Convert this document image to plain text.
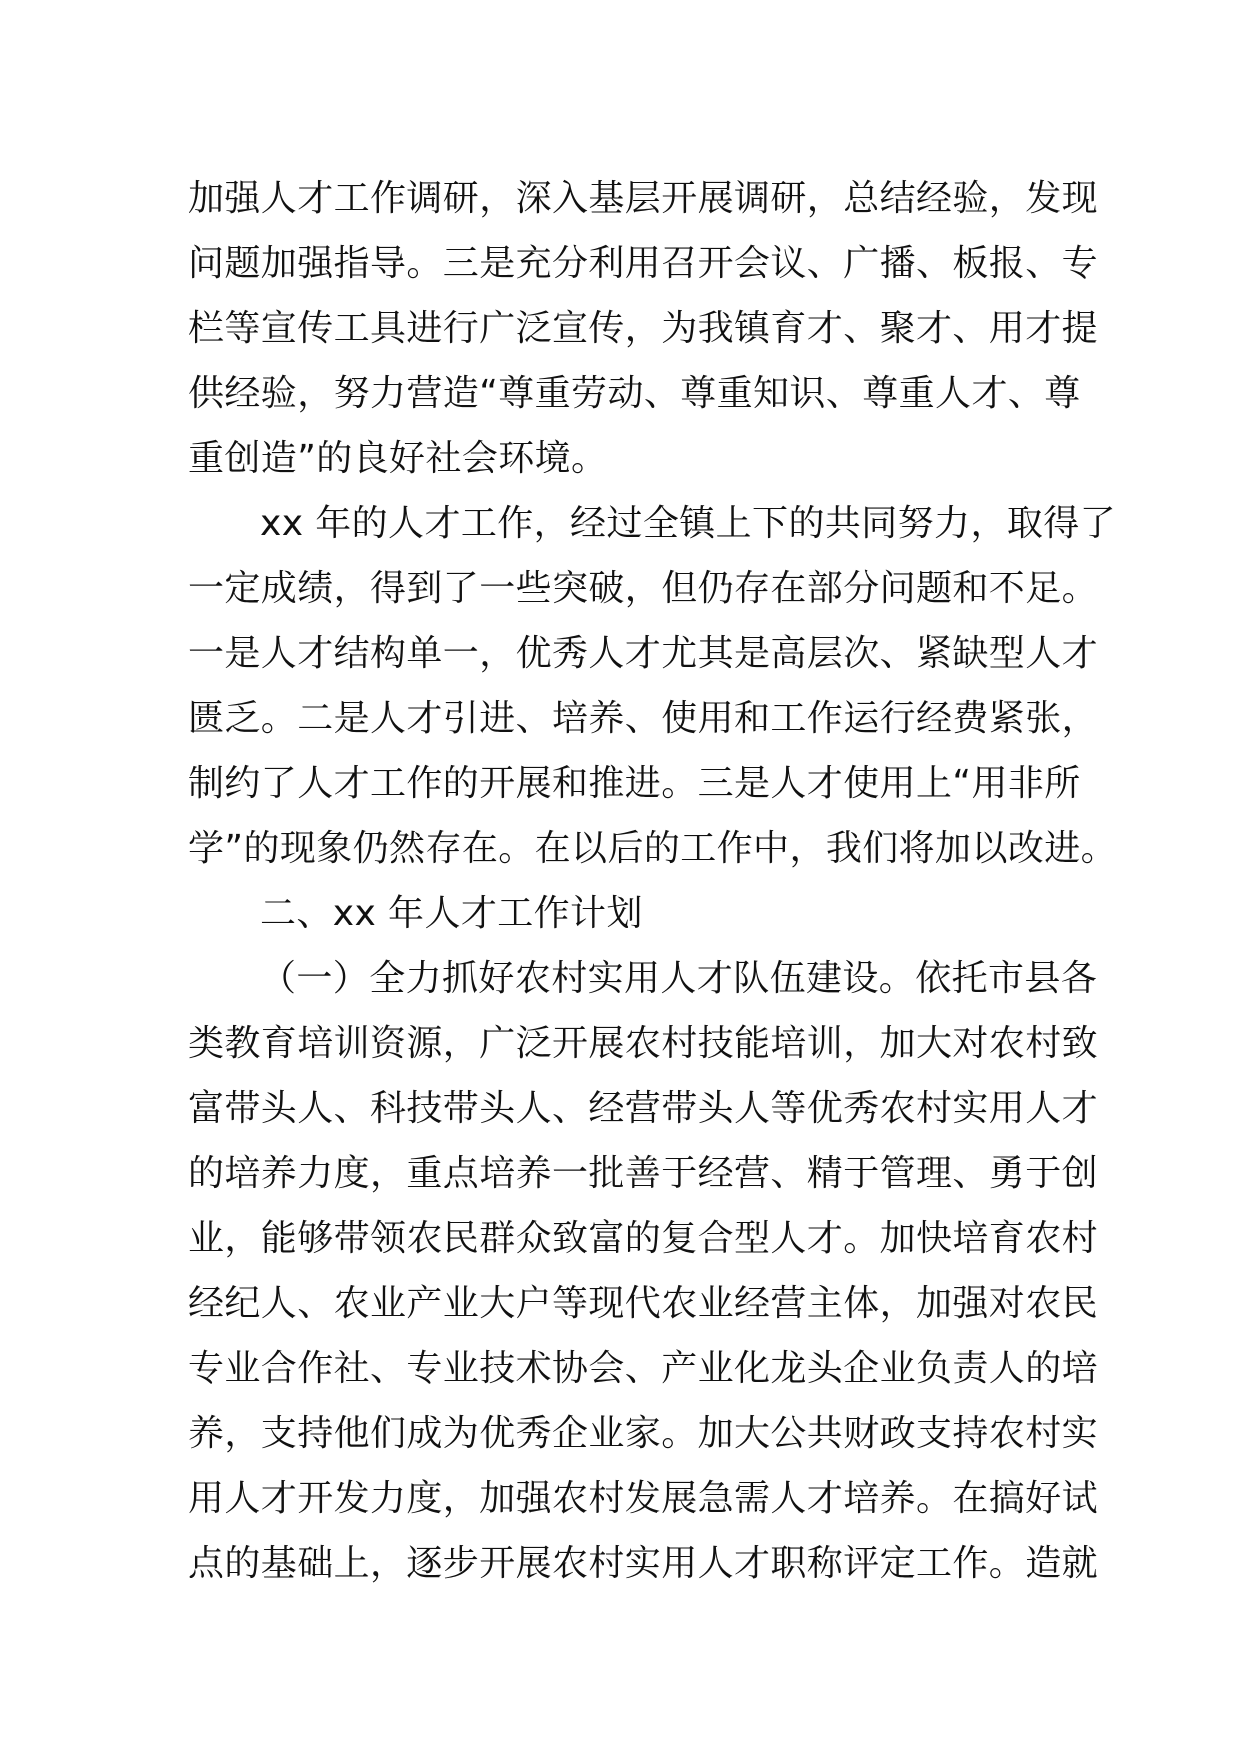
加强人才工作调研，深入基层开展调研，总结经验，发现
问题加强指导。三是充分利用召开会议、广播、板报、专
栏等宣传工具进行广泛宣传，为我镇育才、聚才、用才提
供经验，努力营造“尊重劳动、尊重知识、尊重人才、尊
重创造”的良好社会环境。
xx 年的人才工作，经过全镇上下的共同努力，取得了
一定成绩，得到了一些突破，但仍存在部分问题和不足。
一是人才结构单一，优秀人才尤其是高层次、紧缺型人才
匮乏。二是人才引进、培养、使用和工作运行经费紧张，
制约了人才工作的开展和推进。三是人才使用上“用非所
学”的现象仍然存在。在以后的工作中，我们将加以改进。
二、xx 年人才工作计划
（一）全力抓好农村实用人才队伍建设。依托市县各
类教育培训资源，广泛开展农村技能培训，加大对农村致
富带头人、科技带头人、经营带头人等优秀农村实用人才
的培养力度，重点培养一批善于经营、精于管理、勇于创
业，能够带领农民群众致富的复合型人才。加快培育农村
经纪人、农业产业大户等现代农业经营主体，加强对农民
专业合作社、专业技术协会、产业化龙头企业负责人的培
养，支持他们成为优秀企业家。加大公共财政支持农村实
用人才开发力度，加强农村发展急需人才培养。在搞好试
点的基础上，逐步开展农村实用人才职称评定工作。造就
